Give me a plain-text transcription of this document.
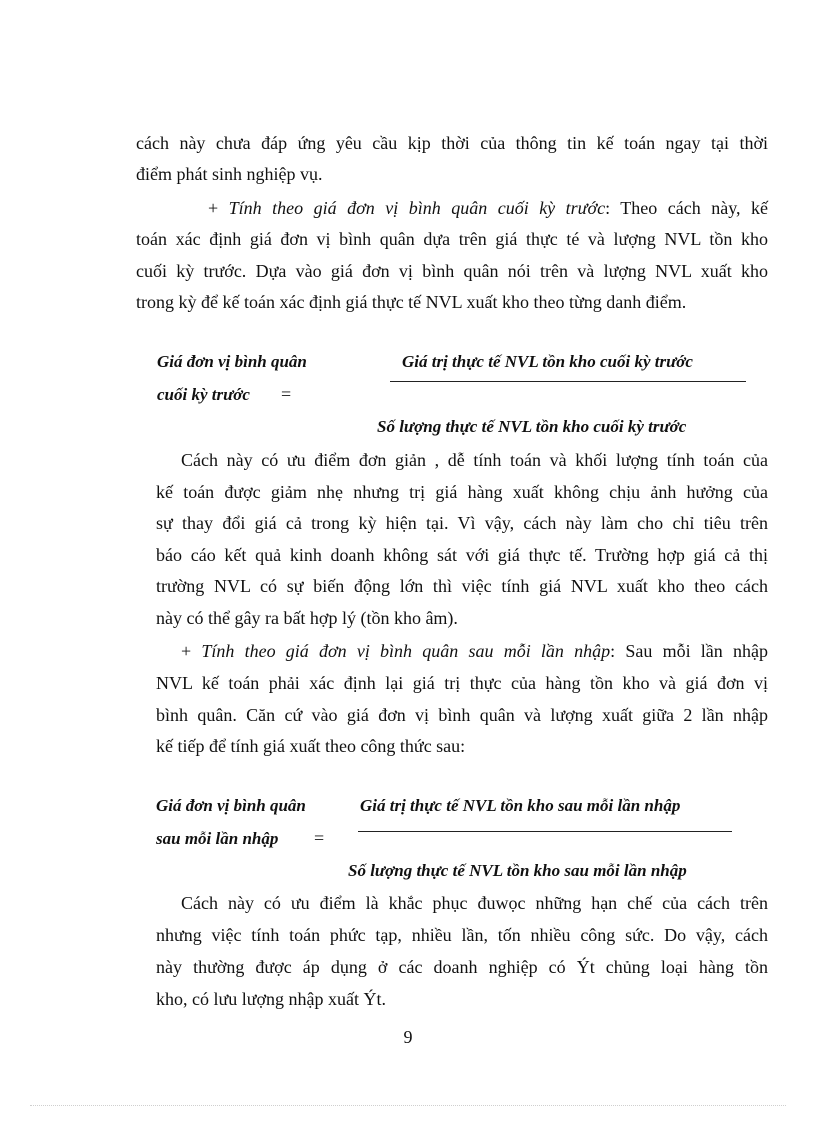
cách này chưa đáp ứng yêu cầu kịp thời của thông tin kế toán ngay tại thời
điểm phát sinh nghiệp vụ.
+ Tính theo giá đơn vị bình quân cuối kỳ trước: Theo cách này, kế
toán xác định giá đơn vị bình quân dựa trên giá thực té và lượng NVL tồn kho
cuối kỳ trước. Dựa vào giá đơn vị bình quân nói trên và lượng NVL xuất kho
trong kỳ để kế toán xác định giá thực tế NVL xuất kho theo từng danh điểm.
Giá đơn vị bình quân
cuối kỳ trước =
Giá trị thực tế NVL tồn kho cuối kỳ trước
Số lượng thực tế NVL tồn kho cuối kỳ trước
Cách này có ưu điểm đơn giản , dễ tính toán và khối lượng tính toán của
kế toán được giảm nhẹ nhưng trị giá hàng xuất không chịu ảnh hưởng của
sự thay đổi giá cả trong kỳ hiện tại. Vì vậy, cách này làm cho chỉ tiêu trên
báo cáo kết quả kinh doanh không sát với giá thực tế. Trường hợp giá cả thị
trường NVL có sự biến động lớn thì việc tính giá NVL xuất kho theo cách
này có thể gây ra bất hợp lý (tồn kho âm).
+ Tính theo giá đơn vị bình quân sau mỗi lần nhập: Sau mỗi lần nhập
NVL kế toán phải xác định lại giá trị thực của hàng tồn kho và giá đơn vị
bình quân. Căn cứ vào giá đơn vị bình quân và lượng xuất giữa 2 lần nhập
kế tiếp để tính giá xuất theo công thức sau:
Giá đơn vị bình quân
sau mỗi lần nhập =
Giá trị thực tế NVL tồn kho sau mỗi lần nhập
Số lượng thực tế NVL tồn kho sau mỗi lần nhập
Cách này có ưu điểm là khắc phục đuwọc những hạn chế của cách trên
nhưng việc tính toán phức tạp, nhiều lần, tốn nhiều công sức. Do vậy, cách
này thường được áp dụng ở các doanh nghiệp có Ýt chủng loại hàng tồn
kho, có lưu lượng nhập xuất Ýt.
9
